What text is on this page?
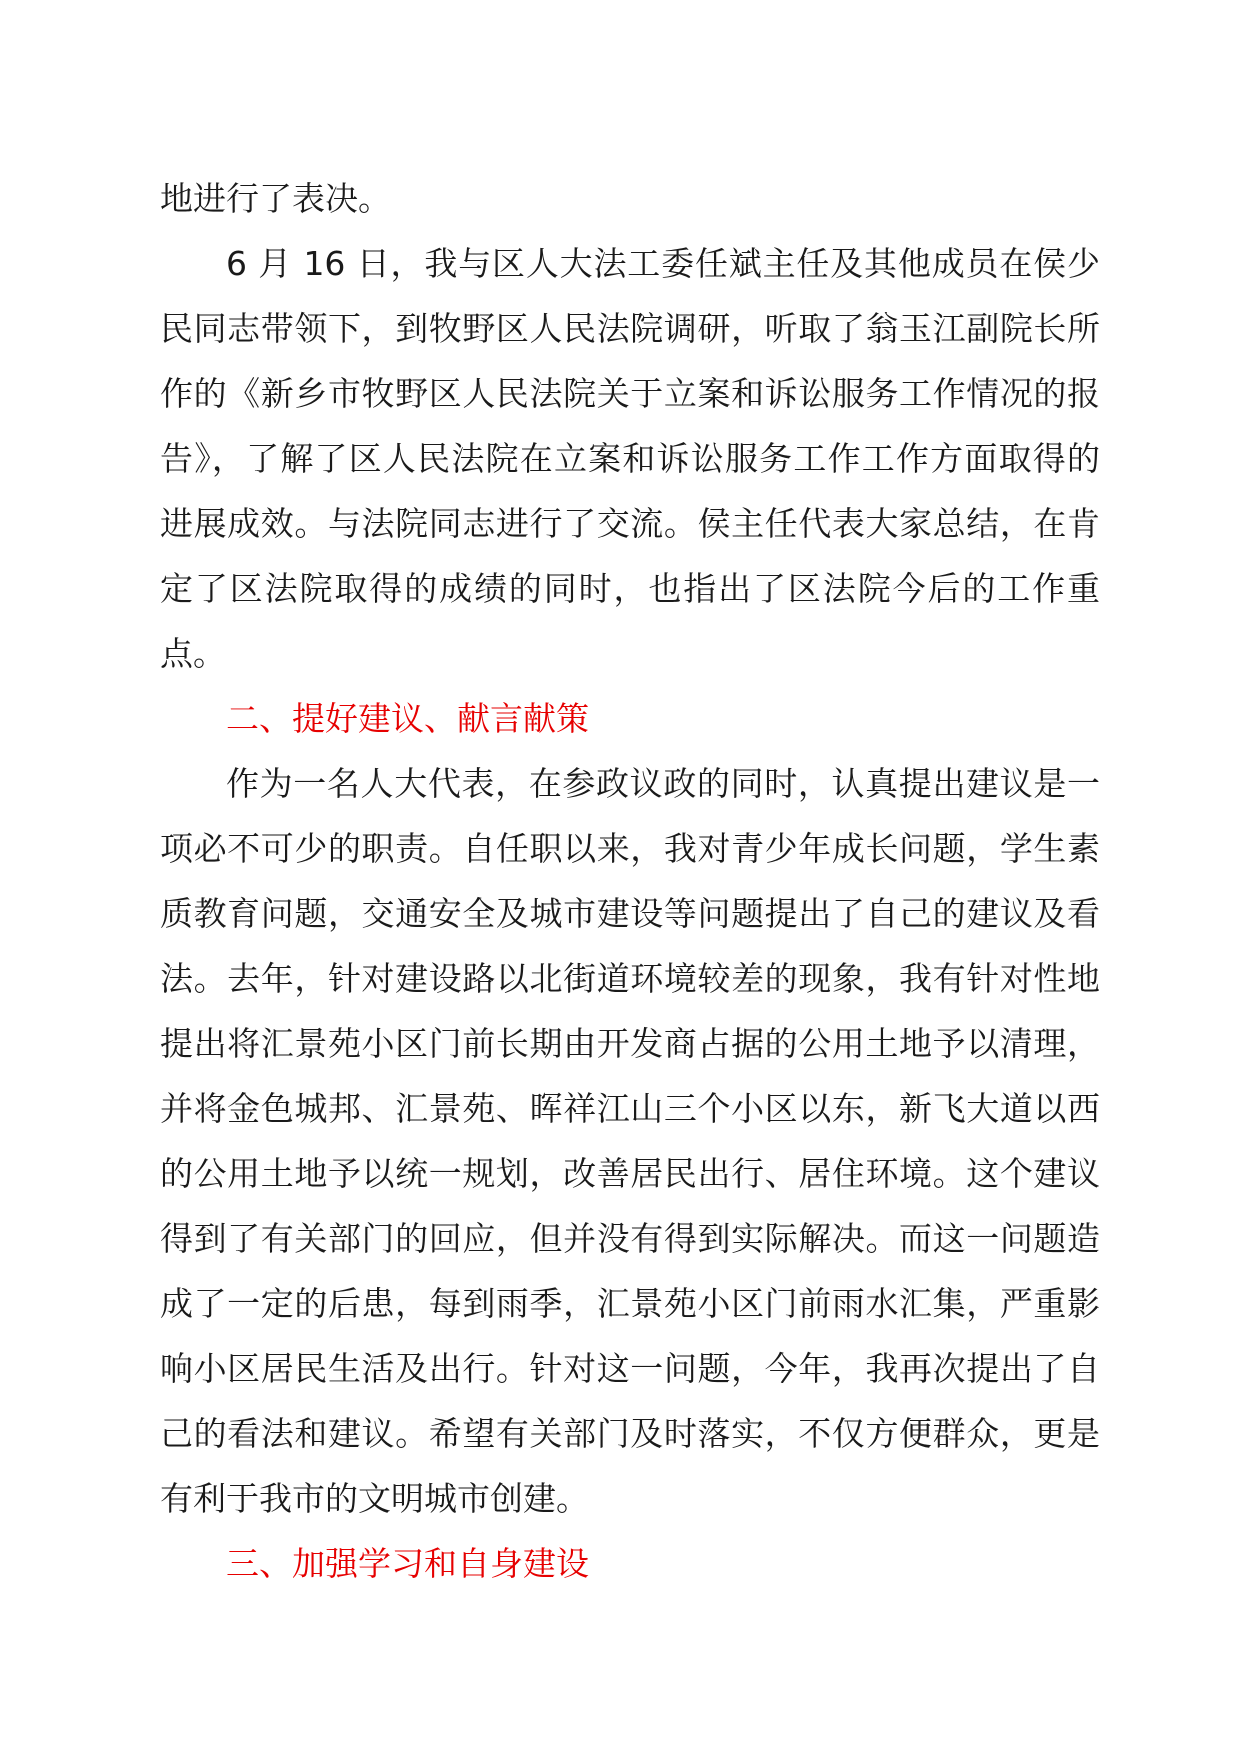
地进行了表决。

6 月 16 日，我与区人大法工委任斌主任及其他成员在侯少民同志带领下，到牧野区人民法院调研，听取了翁玉江副院长所作的《新乡市牧野区人民法院关于立案和诉讼服务工作情况的报告》，了解了区人民法院在立案和诉讼服务工作工作方面取得的进展成效。与法院同志进行了交流。侯主任代表大家总结，在肯定了区法院取得的成绩的同时，也指出了区法院今后的工作重点。

二、提好建议、献言献策

作为一名人大代表，在参政议政的同时，认真提出建议是一项必不可少的职责。自任职以来，我对青少年成长问题，学生素质教育问题，交通安全及城市建设等问题提出了自己的建议及看法。去年，针对建设路以北街道环境较差的现象，我有针对性地提出将汇景苑小区门前长期由开发商占据的公用土地予以清理，并将金色城邦、汇景苑、晖祥江山三个小区以东，新飞大道以西的公用土地予以统一规划，改善居民出行、居住环境。这个建议得到了有关部门的回应，但并没有得到实际解决。而这一问题造成了一定的后患，每到雨季，汇景苑小区门前雨水汇集，严重影响小区居民生活及出行。针对这一问题，今年，我再次提出了自己的看法和建议。希望有关部门及时落实，不仅方便群众，更是有利于我市的文明城市创建。

三、加强学习和自身建设
